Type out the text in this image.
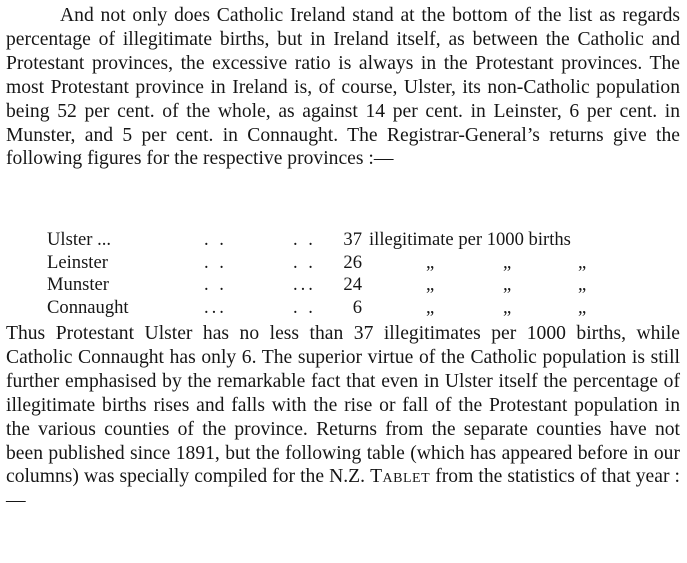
And not only does Catholic Ireland stand at the bottom of the list as regards percentage of illegitimate births, but in Ireland itself, as between the Catholic and Protestant provinces, the excessive ratio is always in the Protestant provinces. The most Protestant province in Ireland is, of course, Ulster, its non-Catholic population being 52 per cent. of the whole, as against 14 per cent. in Leinster, 6 per cent. in Munster, and 5 per cent. in Connaught. The Registrar-General’s returns give the following figures for the respective provinces :—

Ulster ...	. .	. .	37 illegitimate per 1000 births
Leinster	. .	. .	26	„	„	„
Munster	. .	...	24	„	„	„
Connaught	...	. .	6	„	„	„

Thus Protestant Ulster has no less than 37 illegitimates per 1000 births, while Catholic Connaught has only 6. The superior virtue of the Catholic population is still further emphasised by the remarkable fact that even in Ulster itself the percentage of illegitimate births rises and falls with the rise or fall of the Protestant population in the various counties of the province. Returns from the separate counties have not been published since 1891, but the following table (which has appeared before in our columns) was specially compiled for the N.Z. Tablet from the statistics of that year :—
